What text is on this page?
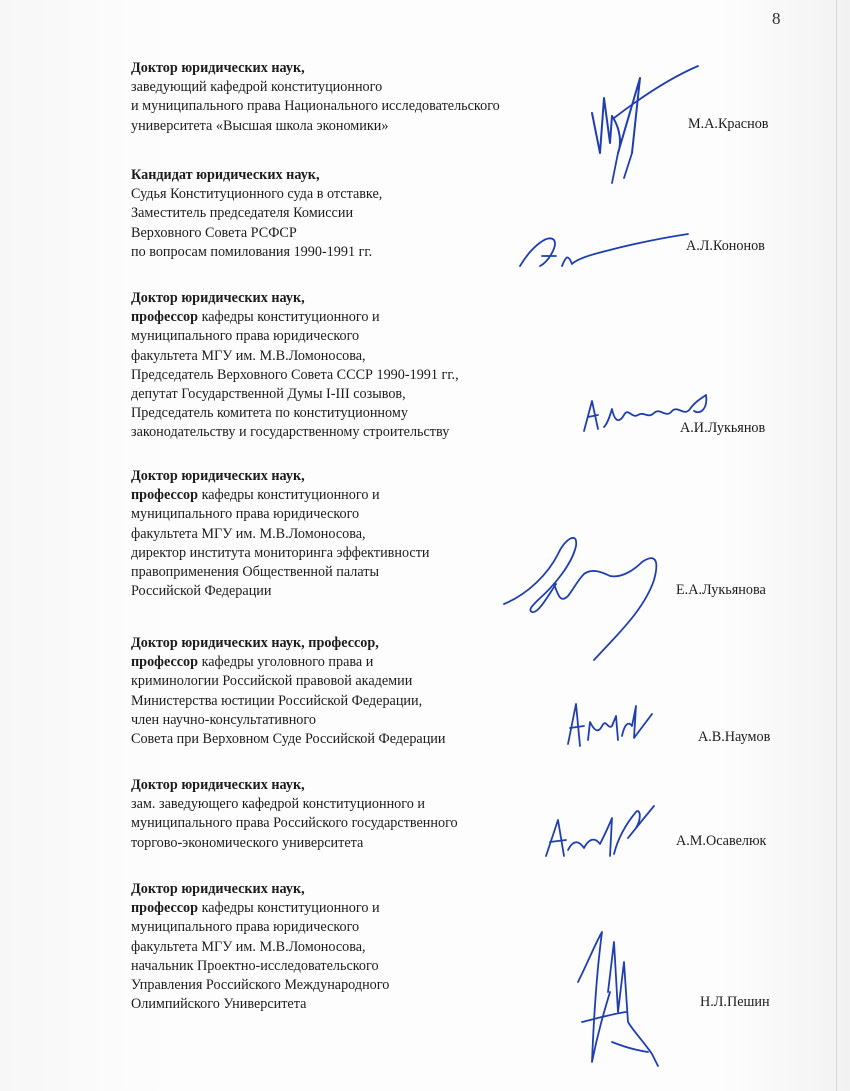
8
Доктор юридических наук,
заведующий кафедрой конституционного
и муниципального права Национального исследовательского
университета «Высшая школа экономики»	М.А.Краснов
Кандидат юридических наук,
Судья Конституционного суда в отставке,
Заместитель председателя Комиссии
Верховного Совета РСФСР
по вопросам помилования 1990-1991 гг.	А.Л.Кононов
Доктор юридических наук,
профессор кафедры конституционного и
муниципального права юридического
факультета МГУ им. М.В.Ломоносова,
Председатель Верховного Совета СССР 1990-1991 гг.,
депутат Государственной Думы I-III созывов,
Председатель комитета по конституционному
законодательству и государственному строительству	А.И.Лукьянов
Доктор юридических наук,
профессор кафедры конституционного и
муниципального права юридического
факультета МГУ им. М.В.Ломоносова,
директор института мониторинга эффективности
правоприменения Общественной палаты
Российской Федерации	Е.А.Лукьянова
Доктор юридических наук, профессор,
профессор кафедры уголовного права и
криминологии Российской правовой академии
Министерства юстиции Российской Федерации,
член научно-консультативного
Совета при Верховном Суде Российской Федерации	А.В.Наумов
Доктор юридических наук,
зам. заведующего кафедрой конституционного и
муниципального права Российского государственного
торгово-экономического университета	А.М.Осавелюк
Доктор юридических наук,
профессор кафедры конституционного и
муниципального права юридического
факультета МГУ им. М.В.Ломоносова,
начальник Проектно-исследовательского
Управления Российского Международного
Олимпийского Университета	Н.Л.Пешин
